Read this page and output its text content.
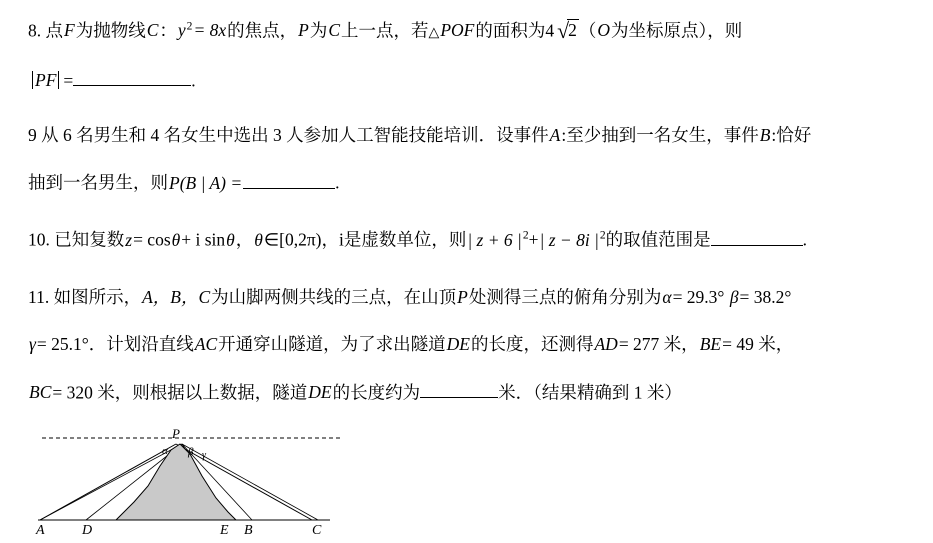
8. 点F为抛物线C：$y^2= 8x$的焦点，P为C上一点，若△POF的面积为4 √2 （O为坐标原点），则
PF =	.
9 从 6 名男生和 4 名女生中选出 3 人参加人工智能技能培训．设事件A:至少抽到一名女生，事件B:恰好
抽到一名男生，则P(B | A) =	.
10. 已知复数z= cosθ+ i sinθ，θ∈[0,2π)，i是虚数单位，则| z + 6 $|^2+|$ z − 8i $|^2$的取值范围是	.
11. 如图所示，A，B，C为山脚两侧共线的三点，在山顶P处测得三点的俯角分别为α= 29.3° β= 38.2°
γ= 25.1°．计划沿直线AC开通穿山隧道，为了求出隧道DE的长度，还测得AD= 277 米，BE= 49 米，
BC= 320 米，则根据以上数据，隧道DE的长度约为	米．（结果精确到 1 米）
P
α β γ
A	D	E B	C
